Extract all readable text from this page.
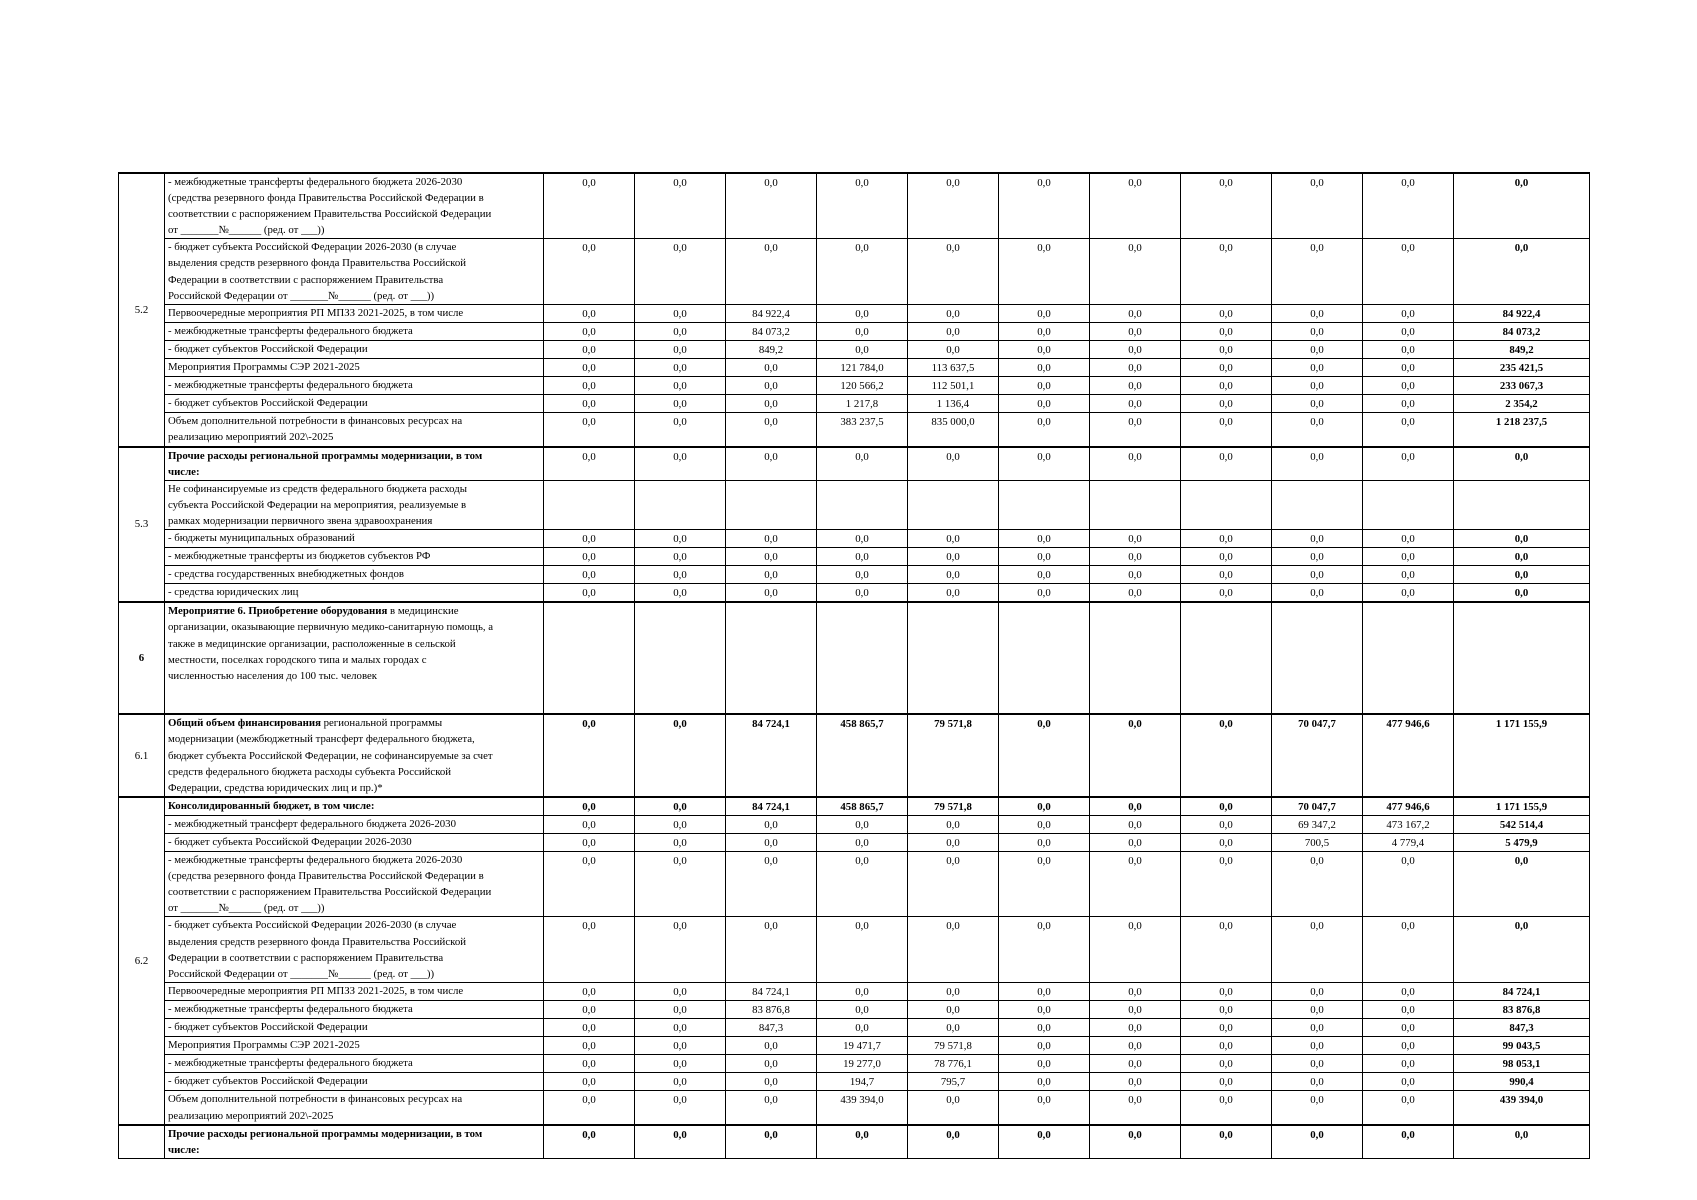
5.2	- межбюджетные трансферты федерального бюджета 2026-2030
(средства резервного фонда Правительства Российской Федерации в
соответствии с распоряжением Правительства Российской Федерации
от _______№______ (ред. от ___))	0,0	0,0	0,0	0,0	0,0	0,0	0,0	0,0	0,0	0,0	0,0
	- бюджет субъекта Российской Федерации 2026-2030 (в случае
выделения средств резервного фонда Правительства Российской
Федерации в соответствии с распоряжением Правительства
Российской Федерации от _______№______ (ред. от ___))	0,0	0,0	0,0	0,0	0,0	0,0	0,0	0,0	0,0	0,0	0,0
	Первоочередные мероприятия РП МПЗЗ 2021-2025, в том числе	0,0	0,0	84 922,4	0,0	0,0	0,0	0,0	0,0	0,0	0,0	84 922,4
	- межбюджетные трансферты федерального бюджета	0,0	0,0	84 073,2	0,0	0,0	0,0	0,0	0,0	0,0	0,0	84 073,2
	- бюджет субъектов Российской Федерации	0,0	0,0	849,2	0,0	0,0	0,0	0,0	0,0	0,0	0,0	849,2
	Мероприятия Программы СЭР 2021-2025	0,0	0,0	0,0	121 784,0	113 637,5	0,0	0,0	0,0	0,0	0,0	235 421,5
	- межбюджетные трансферты федерального бюджета	0,0	0,0	0,0	120 566,2	112 501,1	0,0	0,0	0,0	0,0	0,0	233 067,3
	- бюджет субъектов Российской Федерации	0,0	0,0	0,0	1 217,8	1 136,4	0,0	0,0	0,0	0,0	0,0	2 354,2
	Объем дополнительной потребности в финансовых ресурсах на
реализацию мероприятий 202\-2025	0,0	0,0	0,0	383 237,5	835 000,0	0,0	0,0	0,0	0,0	0,0	1 218 237,5
5.3	Прочие расходы региональной программы модернизации, в том
числе:	0,0	0,0	0,0	0,0	0,0	0,0	0,0	0,0	0,0	0,0	0,0
	Не софинансируемые из средств федерального бюджета расходы
субъекта Российской Федерации на мероприятия, реализуемые в
рамках модернизации первичного звена здравоохранения											
	- бюджеты муниципальных образований	0,0	0,0	0,0	0,0	0,0	0,0	0,0	0,0	0,0	0,0	0,0
	- межбюджетные трансферты из бюджетов субъектов РФ	0,0	0,0	0,0	0,0	0,0	0,0	0,0	0,0	0,0	0,0	0,0
	- средства государственных внебюджетных фондов	0,0	0,0	0,0	0,0	0,0	0,0	0,0	0,0	0,0	0,0	0,0
	- средства юридических лиц	0,0	0,0	0,0	0,0	0,0	0,0	0,0	0,0	0,0	0,0	0,0
6	Мероприятие 6. Приобретение оборудования в медицинские
организации, оказывающие первичную медико-санитарную помощь, а
также в медицинские организации, расположенные в сельской
местности, поселках городского типа и малых городах с
численностью населения до 100 тыс. человек											
6.1	Общий объем финансирования региональной программы
модернизации (межбюджетный трансферт федерального бюджета,
бюджет субъекта Российской Федерации, не софинансируемые за счет
средств федерального бюджета расходы субъекта Российской
Федерации, средства юридических лиц и пр.)*	0,0	0,0	84 724,1	458 865,7	79 571,8	0,0	0,0	0,0	70 047,7	477 946,6	1 171 155,9
6.2	Консолидированный бюджет, в том числе:	0,0	0,0	84 724,1	458 865,7	79 571,8	0,0	0,0	0,0	70 047,7	477 946,6	1 171 155,9
	- межбюджетный трансферт федерального бюджета 2026-2030	0,0	0,0	0,0	0,0	0,0	0,0	0,0	0,0	69 347,2	473 167,2	542 514,4
	- бюджет субъекта Российской Федерации 2026-2030	0,0	0,0	0,0	0,0	0,0	0,0	0,0	0,0	700,5	4 779,4	5 479,9
	- межбюджетные трансферты федерального бюджета 2026-2030
(средства резервного фонда Правительства Российской Федерации в
соответствии с распоряжением Правительства Российской Федерации
от _______№______ (ред. от ___))	0,0	0,0	0,0	0,0	0,0	0,0	0,0	0,0	0,0	0,0	0,0
	- бюджет субъекта Российской Федерации 2026-2030 (в случае
выделения средств резервного фонда Правительства Российской
Федерации в соответствии с распоряжением Правительства
Российской Федерации от _______№______ (ред. от ___))	0,0	0,0	0,0	0,0	0,0	0,0	0,0	0,0	0,0	0,0	0,0
	Первоочередные мероприятия РП МПЗЗ 2021-2025, в том числе	0,0	0,0	84 724,1	0,0	0,0	0,0	0,0	0,0	0,0	0,0	84 724,1
	- межбюджетные трансферты федерального бюджета	0,0	0,0	83 876,8	0,0	0,0	0,0	0,0	0,0	0,0	0,0	83 876,8
	- бюджет субъектов Российской Федерации	0,0	0,0	847,3	0,0	0,0	0,0	0,0	0,0	0,0	0,0	847,3
	Мероприятия Программы СЭР 2021-2025	0,0	0,0	0,0	19 471,7	79 571,8	0,0	0,0	0,0	0,0	0,0	99 043,5
	- межбюджетные трансферты федерального бюджета	0,0	0,0	0,0	19 277,0	78 776,1	0,0	0,0	0,0	0,0	0,0	98 053,1
	- бюджет субъектов Российской Федерации	0,0	0,0	0,0	194,7	795,7	0,0	0,0	0,0	0,0	0,0	990,4
	Объем дополнительной потребности в финансовых ресурсах на
реализацию мероприятий 202\-2025	0,0	0,0	0,0	439 394,0	0,0	0,0	0,0	0,0	0,0	0,0	439 394,0
	Прочие расходы региональной программы модернизации, в том
числе:	0,0	0,0	0,0	0,0	0,0	0,0	0,0	0,0	0,0	0,0	0,0
